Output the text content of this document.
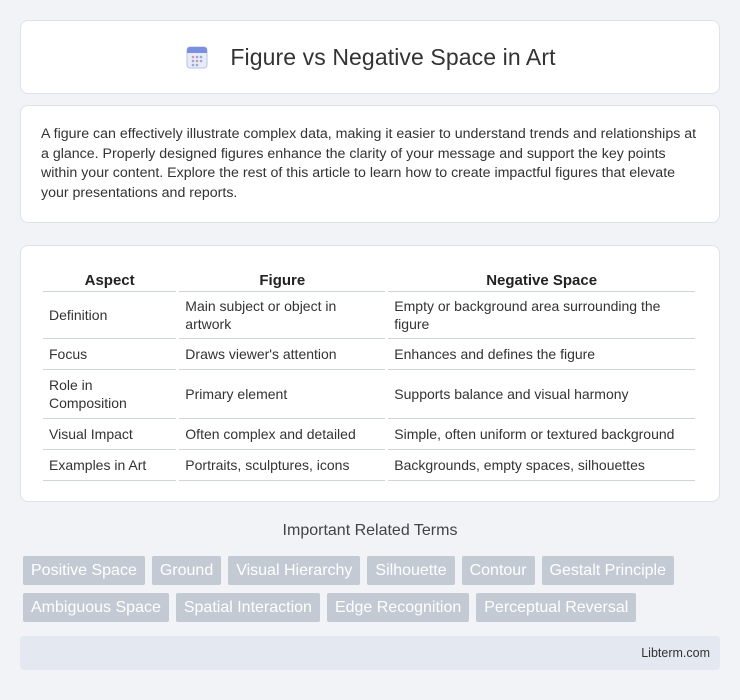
Figure vs Negative Space in Art

A figure can effectively illustrate complex data, making it easier to understand trends and relationships at a glance. Properly designed figures enhance the clarity of your message and support the key points within your content. Explore the rest of this article to learn how to create impactful figures that elevate your presentations and reports.

Aspect	Figure	Negative Space
Definition	Main subject or object in artwork	Empty or background area surrounding the figure
Focus	Draws viewer's attention	Enhances and defines the figure
Role in Composition	Primary element	Supports balance and visual harmony
Visual Impact	Often complex and detailed	Simple, often uniform or textured background
Examples in Art	Portraits, sculptures, icons	Backgrounds, empty spaces, silhouettes
Important Related Terms
Positive Space	Ground	Visual Hierarchy	Silhouette	Contour	Gestalt Principle
Ambiguous Space	Spatial Interaction	Edge Recognition	Perceptual Reversal
Libterm.com
